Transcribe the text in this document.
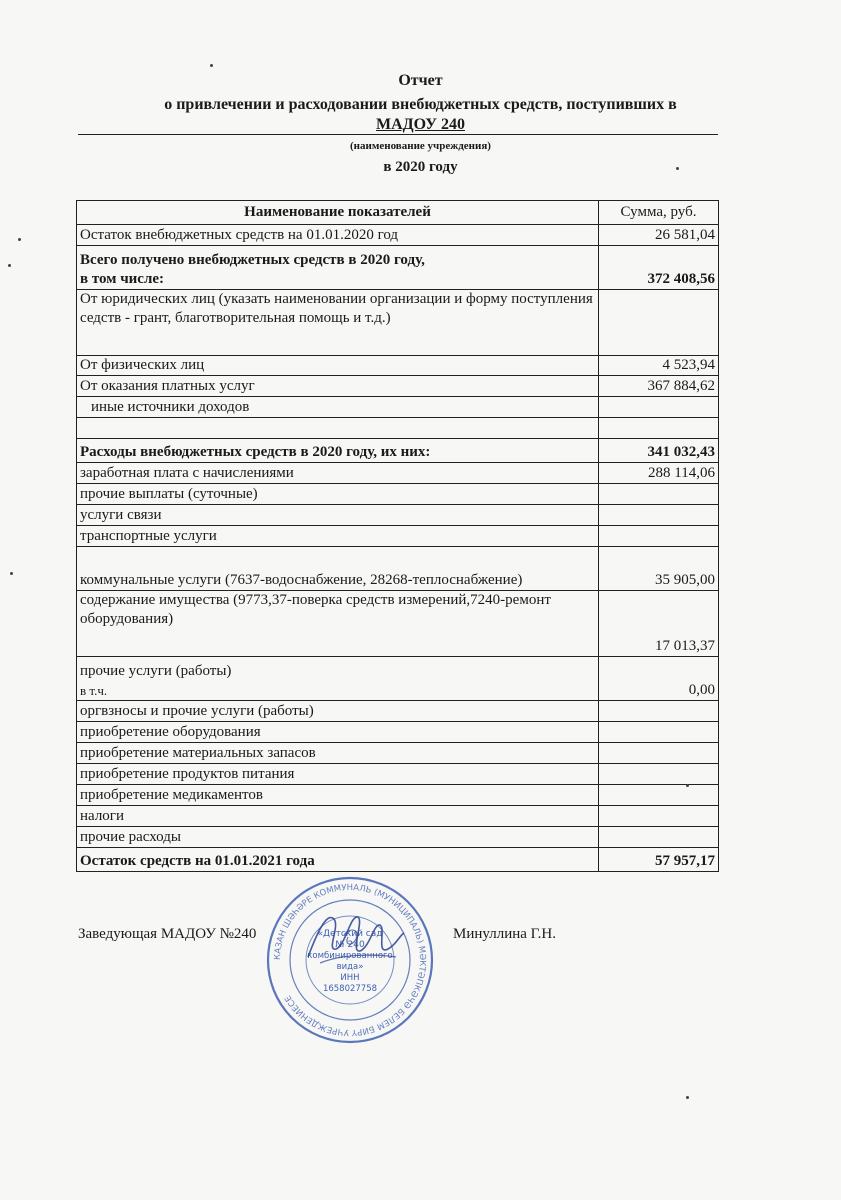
Отчет
о привлечении и расходовании внебюджетных средств, поступивших в
МАДОУ 240
(наименование учреждения)
в 2020 году
Наименование показателей	Сумма, руб.
Остаток внебюджетных средств на 01.01.2020 год	26 581,04

Всего получено внебюджетных средств в 2020 году,
в том числе:	372 408,56
От юридических лиц (указать наименовании организации и форму поступления седств - грант, благотворительная помощь и т.д.)	
От физических лиц	4 523,94
От оказания платных услуг	367 884,62
иные источники доходов	

Расходы внебюджетных средств в 2020 году, их них:	341 032,43
заработная плата с начислениями	288 114,06
прочие выплаты (суточные)	
услуги связи	
транспортные услуги	
коммунальные услуги (7637-водоснабжение, 28268-теплоснабжение)	35 905,00
содержание имущества (9773,37-поверка средств измерений,7240-ремонт оборудования)	17 013,37

прочие услуги (работы)
в т.ч.	0,00
оргвзносы и прочие услуги (работы)	
приобретение оборудования	
приобретение материальных запасов	
приобретение продуктов питания	
приобретение медикаментов	
налоги	
прочие расходы	
Остаток средств на 01.01.2021 года	57 957,17
КАЗАН ШӘҺӘРЕ КОММУНАЛЬ (МУНИЦИПАЛЬ) МӘКТӘПКӘЧӘ БЕЛЕМ БИРҮ УЧРЕЖДЕНИЕСЕ
«Детский сад
№ 240
комбинированного
вида»
ИНН
1658027758
Заведующая МАДОУ №240	Минуллина Г.Н.
